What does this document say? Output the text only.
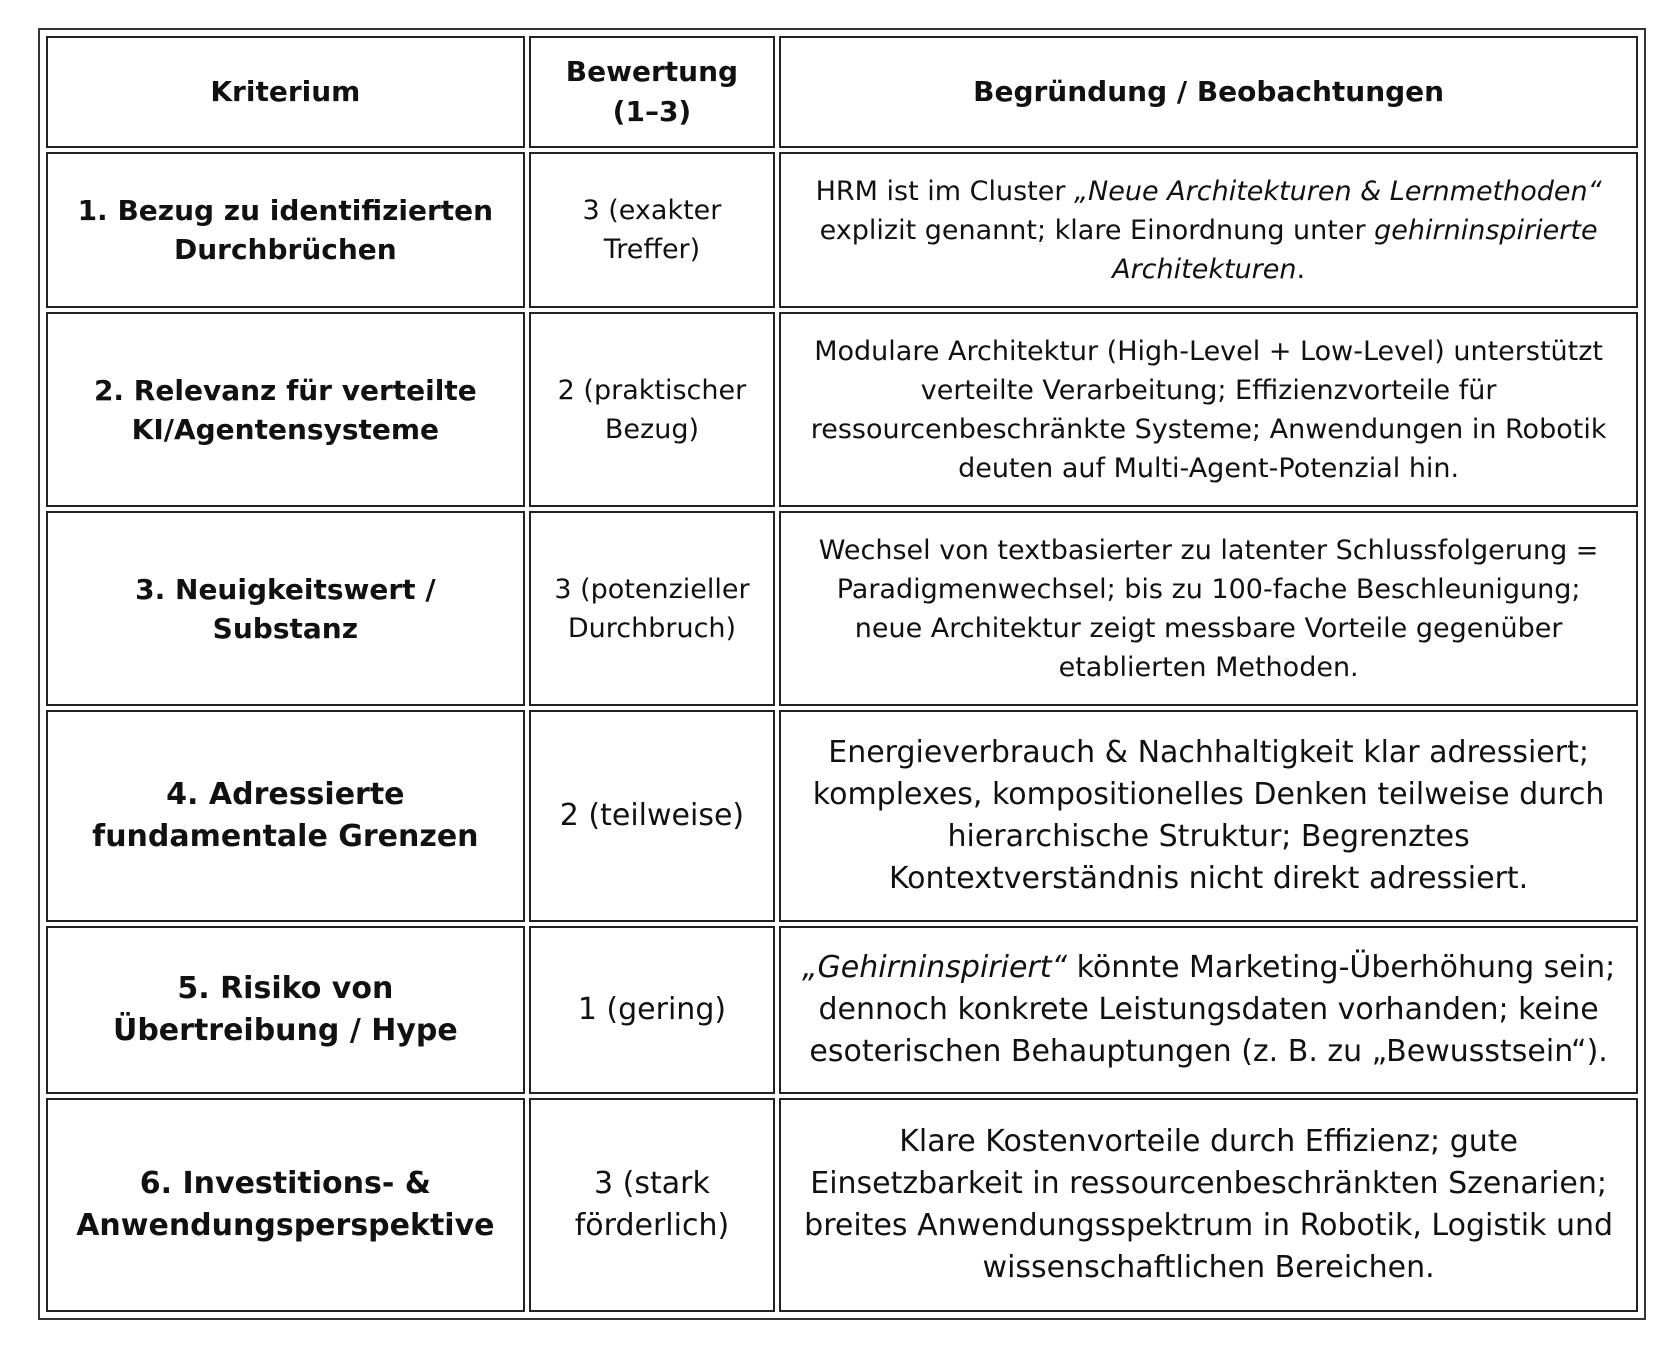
Kriterium	Bewertung (1–3)	Begründung / Beobachtungen
1. Bezug zu identifizierten Durchbrüchen	3 (exakter Treffer)	HRM ist im Cluster „Neue Architekturen & Lernmethoden“ explizit genannt; klare Einordnung unter gehirninspirierte Architekturen.
2. Relevanz für verteilte KI/Agentensysteme	2 (praktischer Bezug)	Modulare Architektur (High-Level + Low-Level) unterstützt verteilte Verarbeitung; Effizienzvorteile für ressourcenbeschränkte Systeme; Anwendungen in Robotik deuten auf Multi-Agent-Potenzial hin.
3. Neuigkeitswert / Substanz	3 (potenzieller Durchbruch)	Wechsel von textbasierter zu latenter Schlussfolgerung = Paradigmenwechsel; bis zu 100-fache Beschleunigung; neue Architektur zeigt messbare Vorteile gegenüber etablierten Methoden.
4. Adressierte fundamentale Grenzen	2 (teilweise)	Energieverbrauch & Nachhaltigkeit klar adressiert; komplexes, kompositionelles Denken teilweise durch hierarchische Struktur; Begrenztes Kontextverständnis nicht direkt adressiert.
5. Risiko von Übertreibung / Hype	1 (gering)	„Gehirninspiriert“ könnte Marketing-Überhöhung sein; dennoch konkrete Leistungsdaten vorhanden; keine esoterischen Behauptungen (z. B. zu „Bewusstsein“).
6. Investitions- & Anwendungsperspektive	3 (stark förderlich)	Klare Kostenvorteile durch Effizienz; gute Einsetzbarkeit in ressourcenbeschränkten Szenarien; breites Anwendungsspektrum in Robotik, Logistik und wissenschaftlichen Bereichen.
